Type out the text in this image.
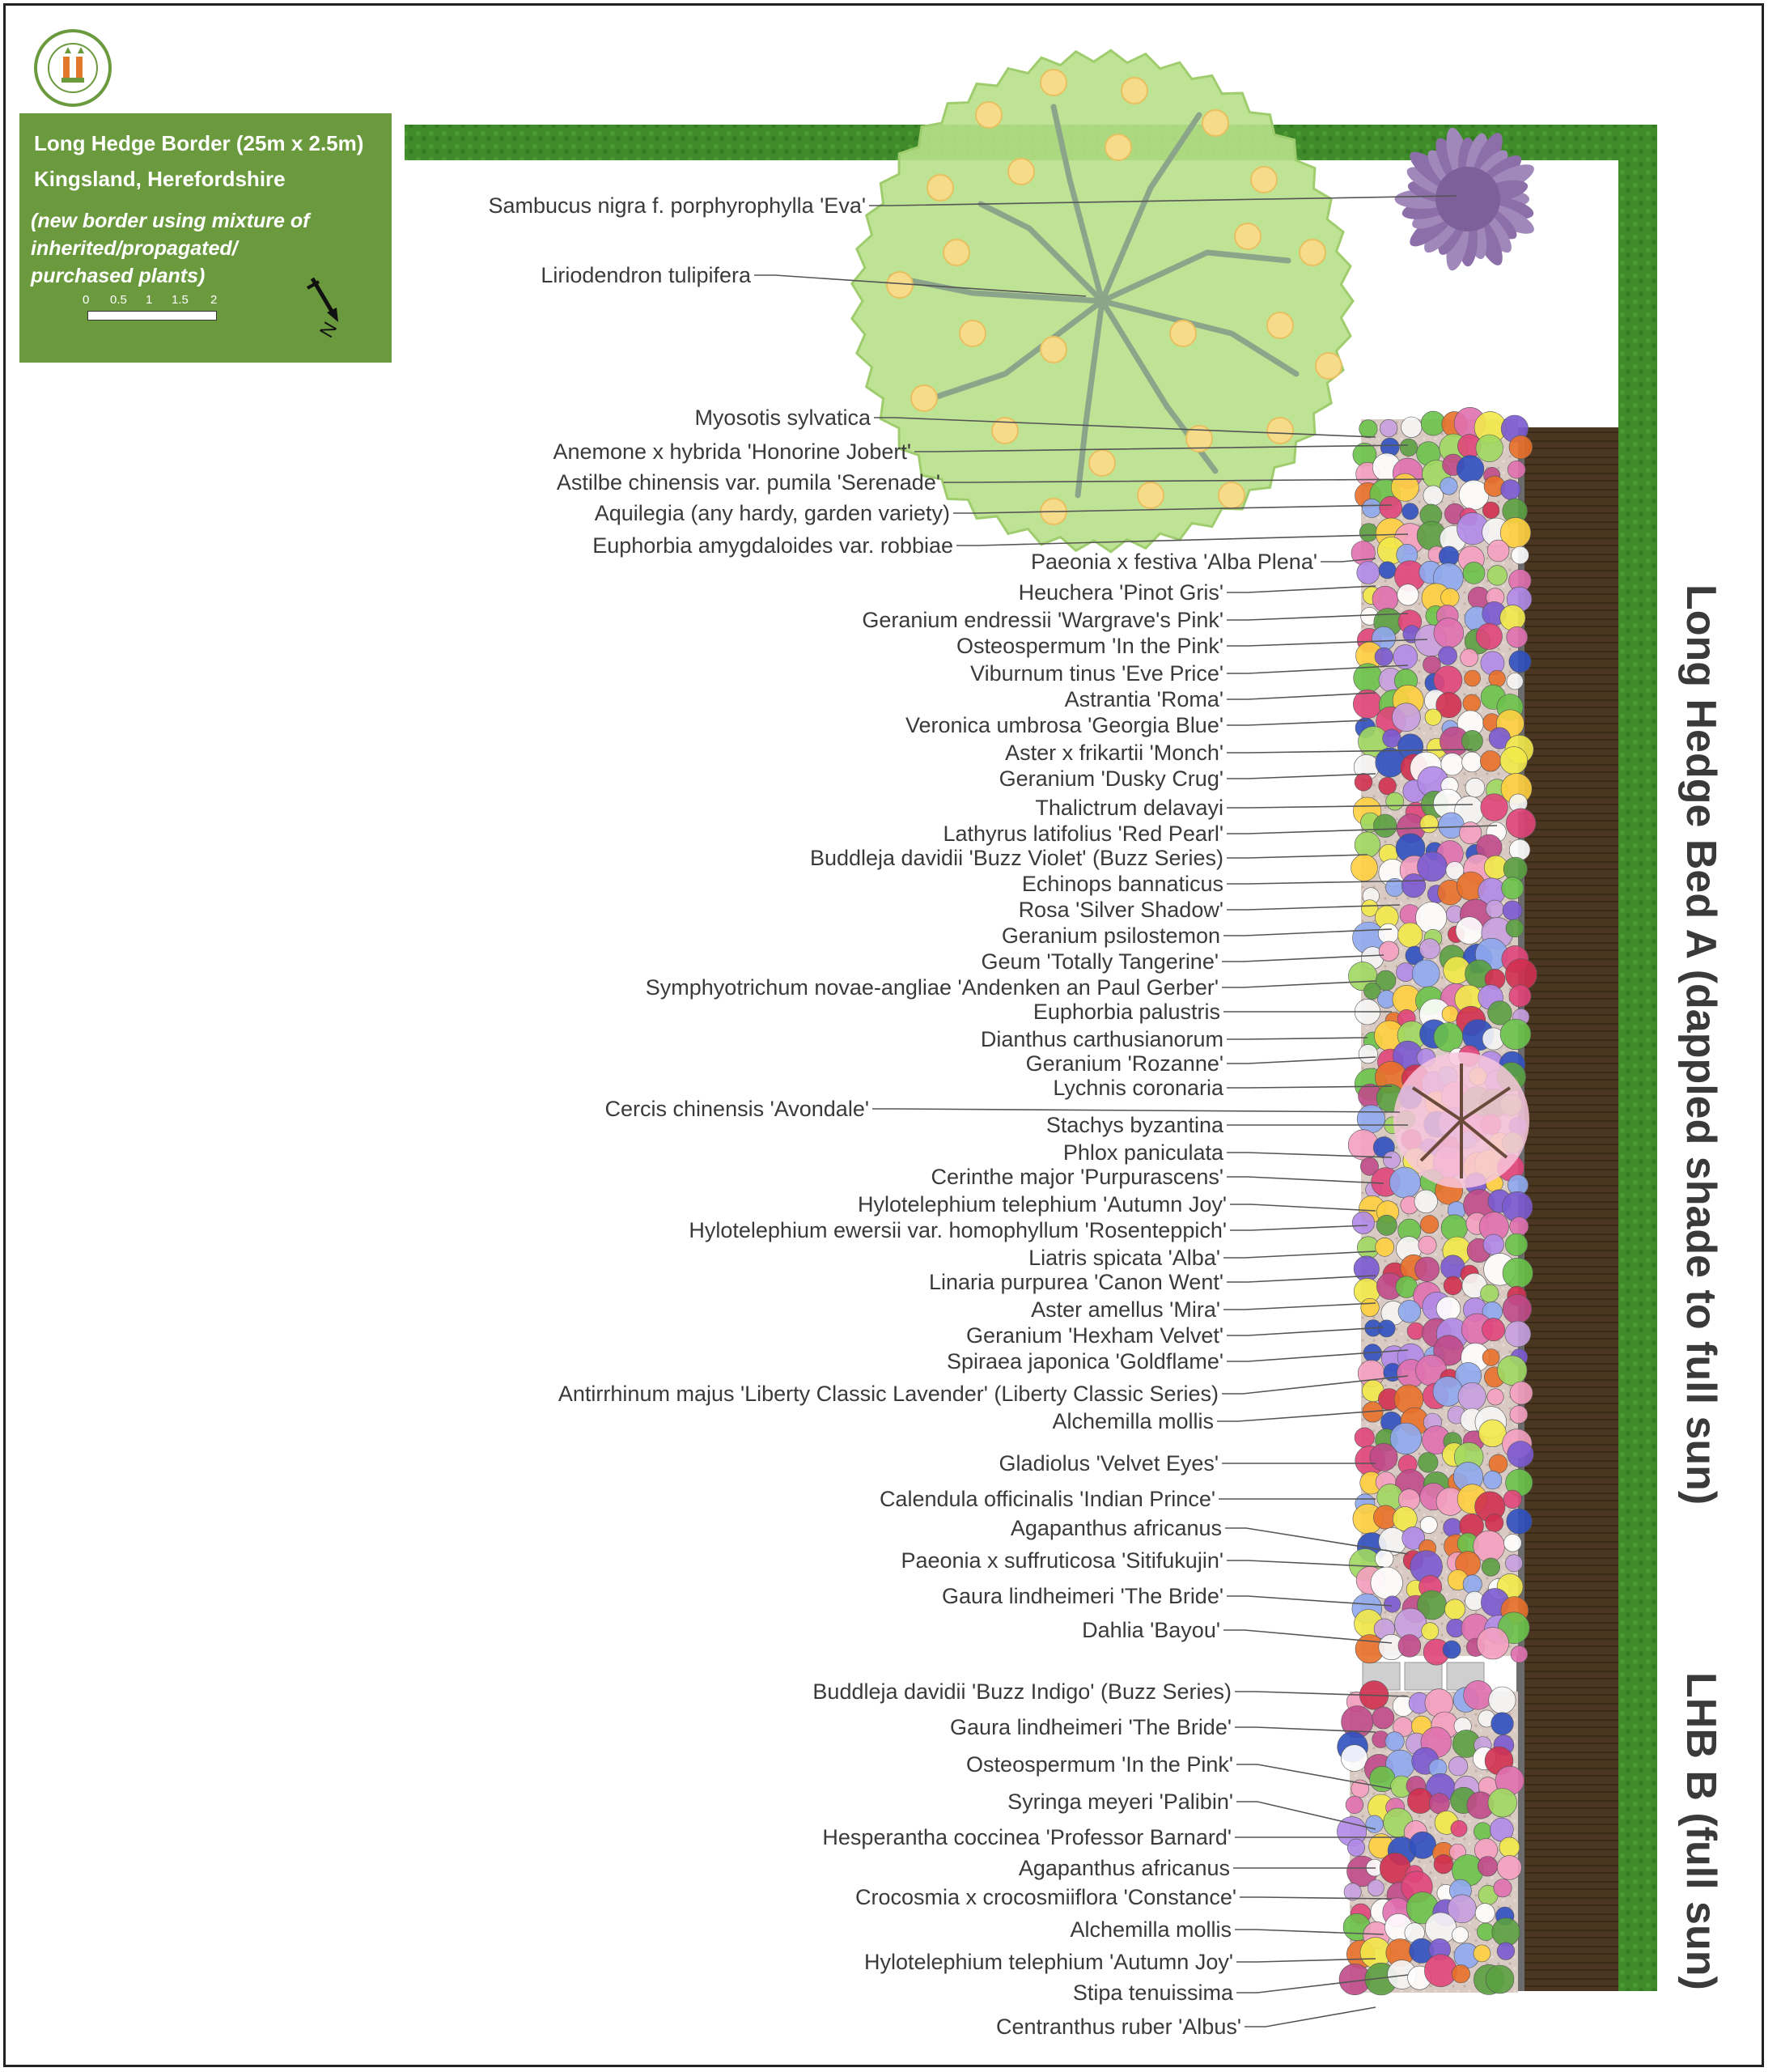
Long Hedge Border (25m x 2.5m)
Kingsland, Herefordshire
(new border using mixture of
inherited/propagated/
purchased plants)
0 0.5 1 1.5 2
N
Sambucus nigra f. porphyrophylla 'Eva'
Liriodendron tulipifera
Myosotis sylvatica
Anemone x hybrida 'Honorine Jobert'
Astilbe chinensis var. pumila 'Serenade'
Aquilegia (any hardy, garden variety)
Euphorbia amygdaloides var. robbiae
Paeonia x festiva 'Alba Plena'
Heuchera 'Pinot Gris'
Geranium endressii 'Wargrave's Pink'
Osteospermum 'In the Pink'
Viburnum tinus 'Eve Price'
Astrantia 'Roma'
Veronica umbrosa 'Georgia Blue'
Aster x frikartii 'Monch'
Geranium 'Dusky Crug'
Thalictrum delavayi
Lathyrus latifolius 'Red Pearl'
Buddleja davidii 'Buzz Violet' (Buzz Series)
Echinops bannaticus
Rosa 'Silver Shadow'
Geranium psilostemon
Geum 'Totally Tangerine'
Symphyotrichum novae-angliae 'Andenken an Paul Gerber'
Euphorbia palustris
Dianthus carthusianorum
Geranium 'Rozanne'
Lychnis coronaria
Cercis chinensis 'Avondale'
Stachys byzantina
Phlox paniculata
Cerinthe major 'Purpurascens'
Hylotelephium telephium 'Autumn Joy'
Hylotelephium ewersii var. homophyllum 'Rosenteppich'
Liatris spicata 'Alba'
Linaria purpurea 'Canon Went'
Aster amellus 'Mira'
Geranium 'Hexham Velvet'
Spiraea japonica 'Goldflame'
Antirrhinum majus 'Liberty Classic Lavender' (Liberty Classic Series)
Alchemilla mollis
Gladiolus 'Velvet Eyes'
Calendula officinalis 'Indian Prince'
Agapanthus africanus
Paeonia x suffruticosa 'Sitifukujin'
Gaura lindheimeri 'The Bride'
Dahlia 'Bayou'
Buddleja davidii 'Buzz Indigo' (Buzz Series)
Gaura lindheimeri 'The Bride'
Osteospermum 'In the Pink'
Syringa meyeri 'Palibin'
Hesperantha coccinea 'Professor Barnard'
Agapanthus africanus
Crocosmia x crocosmiiflora 'Constance'
Alchemilla mollis
Hylotelephium telephium 'Autumn Joy'
Stipa tenuissima
Centranthus ruber 'Albus'
Long Hedge Bed A (dappled shade to full sun)
LHB B (full sun)
